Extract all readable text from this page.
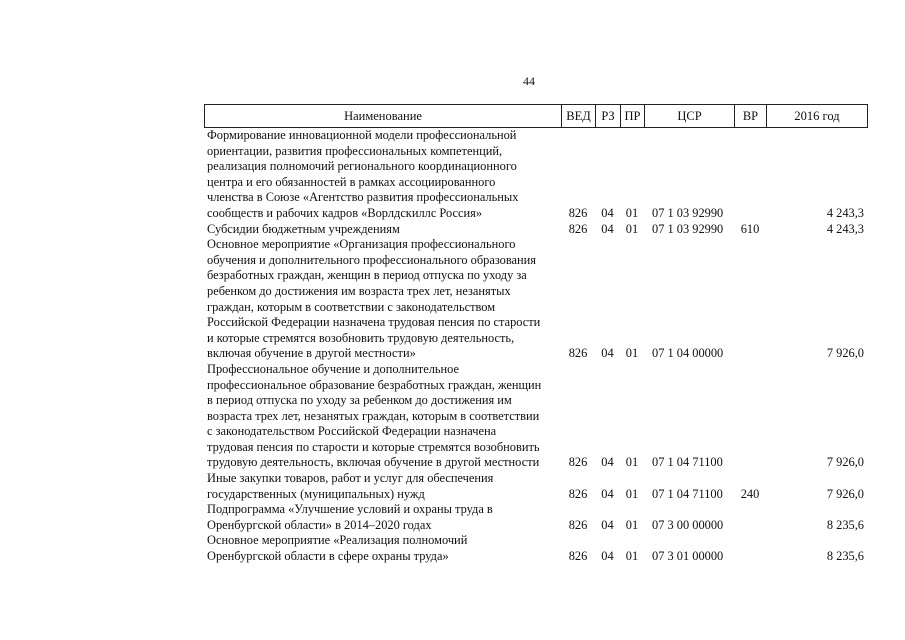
44
Наименование	ВЕД РЗ ПР	ЦСР	ВР	2016 год
Формирование инновационной модели профессиональной
ориентации, развития профессиональных компетенций,
реализация полномочий регионального координационного
центра и его обязанностей в рамках ассоциированного
членства в Союзе «Агентство развития профессиональных
сообществ и рабочих кадров «Ворлдскиллс Россия»	826	04 01	07 1 03 92990	4 243,3
Субсидии бюджетным учреждениям	826	04 01	07 1 03 92990	610	4 243,3
Основное мероприятие «Организация профессионального
обучения и дополнительного профессионального образования
безработных граждан, женщин в период отпуска по уходу за
ребенком до достижения им возраста трех лет, незанятых
граждан, которым в соответствии с законодательством
Российской Федерации назначена трудовая пенсия по старости
и которые стремятся возобновить трудовую деятельность,
включая обучение в другой местности»	826	04 01	07 1 04 00000	7 926,0
Профессиональное обучение и дополнительное
профессиональное образование безработных граждан, женщин
в период отпуска по уходу за ребенком до достижения им
возраста трех лет, незанятых граждан, которым в соответствии
с законодательством Российской Федерации назначена
трудовая пенсия по старости и которые стремятся возобновить
трудовую деятельность, включая обучение в другой местности	826	04 01	07 1 04 71100	7 926,0
Иные закупки товаров, работ и услуг для обеспечения
государственных (муниципальных) нужд	826	04 01	07 1 04 71100	240	7 926,0
Подпрограмма «Улучшение условий и охраны труда в
Оренбургской области» в 2014–2020 годах	826	04 01	07 3 00 00000	8 235,6
Основное мероприятие «Реализация полномочий
Оренбургской области в сфере охраны труда»	826	04 01	07 3 01 00000	8 235,6
